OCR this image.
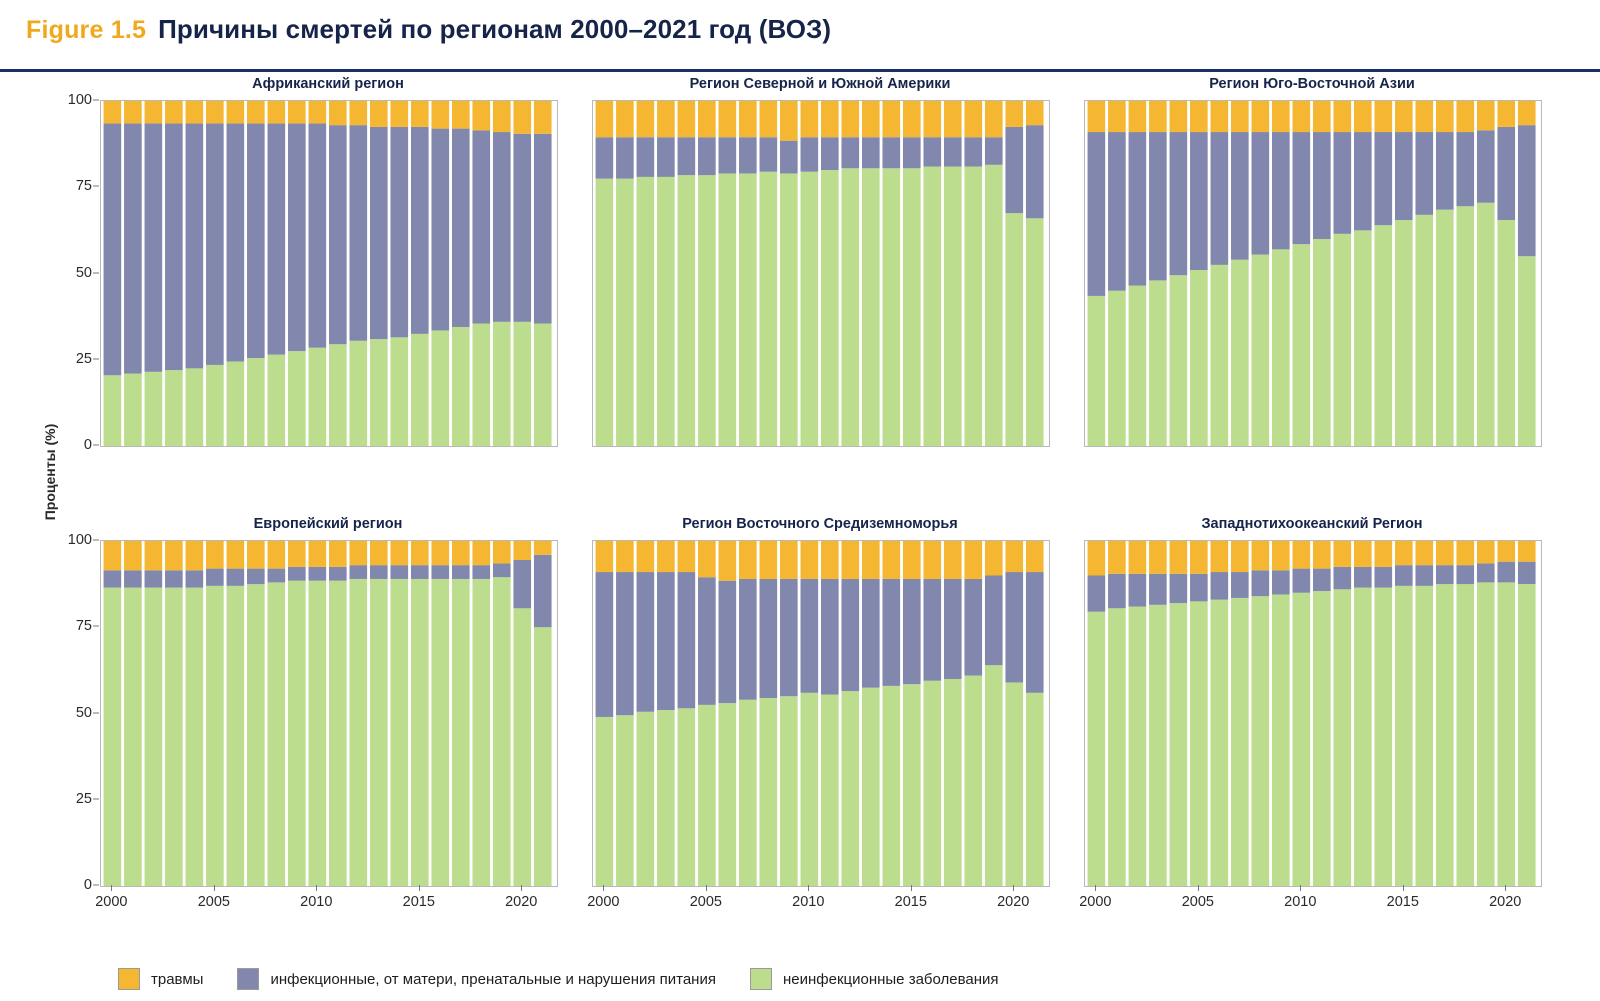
Figure 1.5 Причины смертей по регионам 2000–2021 год (ВОЗ)
Проценты (%)
Африканский регион
0
25
50
75
100
Регион Северной и Южной Америки	Регион Юго-Восточной Азии
Европейский регион
0
25
50
75
100
2000	2005	2010	2015	2020
Регион Восточного Средиземноморья
2000	2005	2010	2015	2020
Западнотихоокеанский Регион
2000	2005	2010	2015	2020
травмы	инфекционные, от матери, пренатальные и нарушения питания	неинфекционные заболевания
